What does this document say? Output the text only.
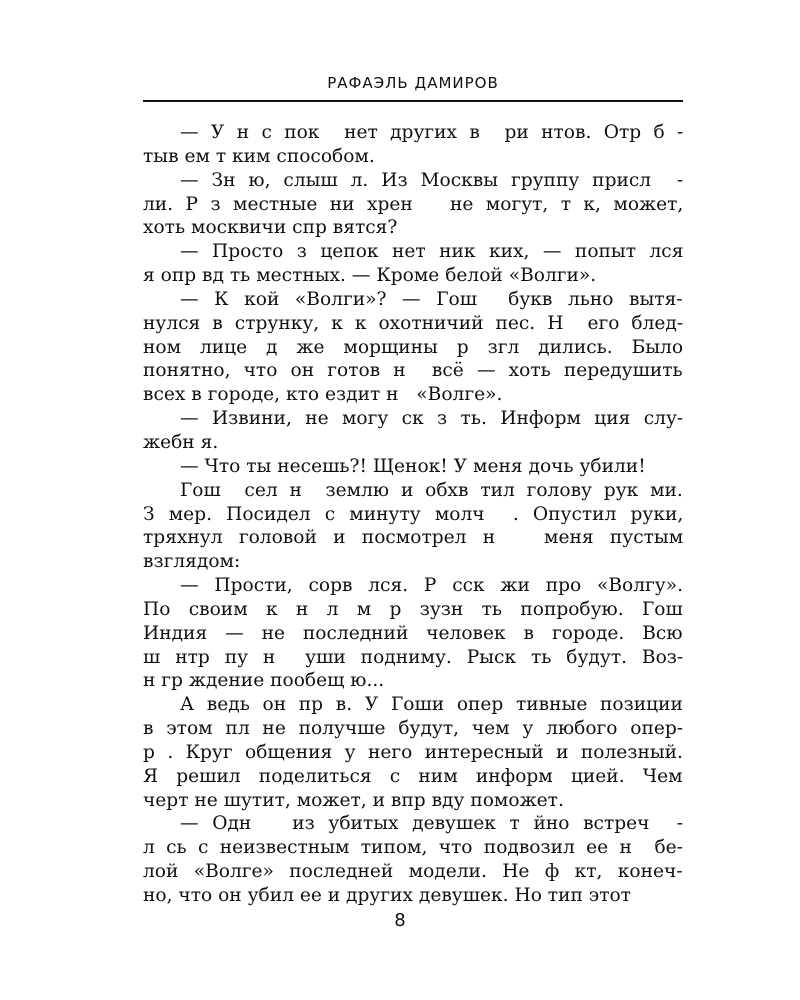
РАФАЭЛЬ ДАМИРОВ
— У н с пок  нет других в  ри нтов. Отр б -
тыв ем т ким способом.
— Зн ю, слыш л. Из Москвы группу присл  -
ли. Р з местные ни хрен   не могут, т к, может,
хоть москвичи спр вятся?
— Просто з цепок нет ник ких, — попыт лся
я опр вд ть местных. — Кроме белой «Волги».
— К кой «Волги»? — Гош  букв льно вытя-
нулся в струнку, к к охотничий пес. Н  его блед-
ном лице д же морщины р згл дились. Было
понятно, что он готов н  всё — хоть передушить
всех в городе, кто ездит н   «Волге».
— Извини, не могу ск з ть. Информ ция слу-
жебн я.
— Что ты несешь?! Щенок! У меня дочь убили!
Гош  сел н  землю и обхв тил голову рук ми.
З мер. Посидел с минуту молч  . Опустил руки,
тряхнул головой и посмотрел н   меня пустым
взглядом:
— Прости, сорв лся. Р сск жи про «Волгу».
По своим к н л м р зузн ть попробую. Гош
Индия — не последний человек в городе. Всю
ш нтр пу н  уши подниму. Рыск ть будут. Воз-
н гр ждение пообещ ю...
А ведь он пр в. У Гоши опер тивные позиции
в этом пл не получше будут, чем у любого опер-
р . Круг общения у него интересный и полезный.
Я решил поделиться с ним информ цией. Чем
черт не шутит, может, и впр вду поможет.
— Одн   из убитых девушек т йно встреч  -
л сь с неизвестным типом, что подвозил ее н  бе-
лой «Волге» последней модели. Не ф кт, конеч-
но, что он убил ее и других девушек. Но тип этот
8
